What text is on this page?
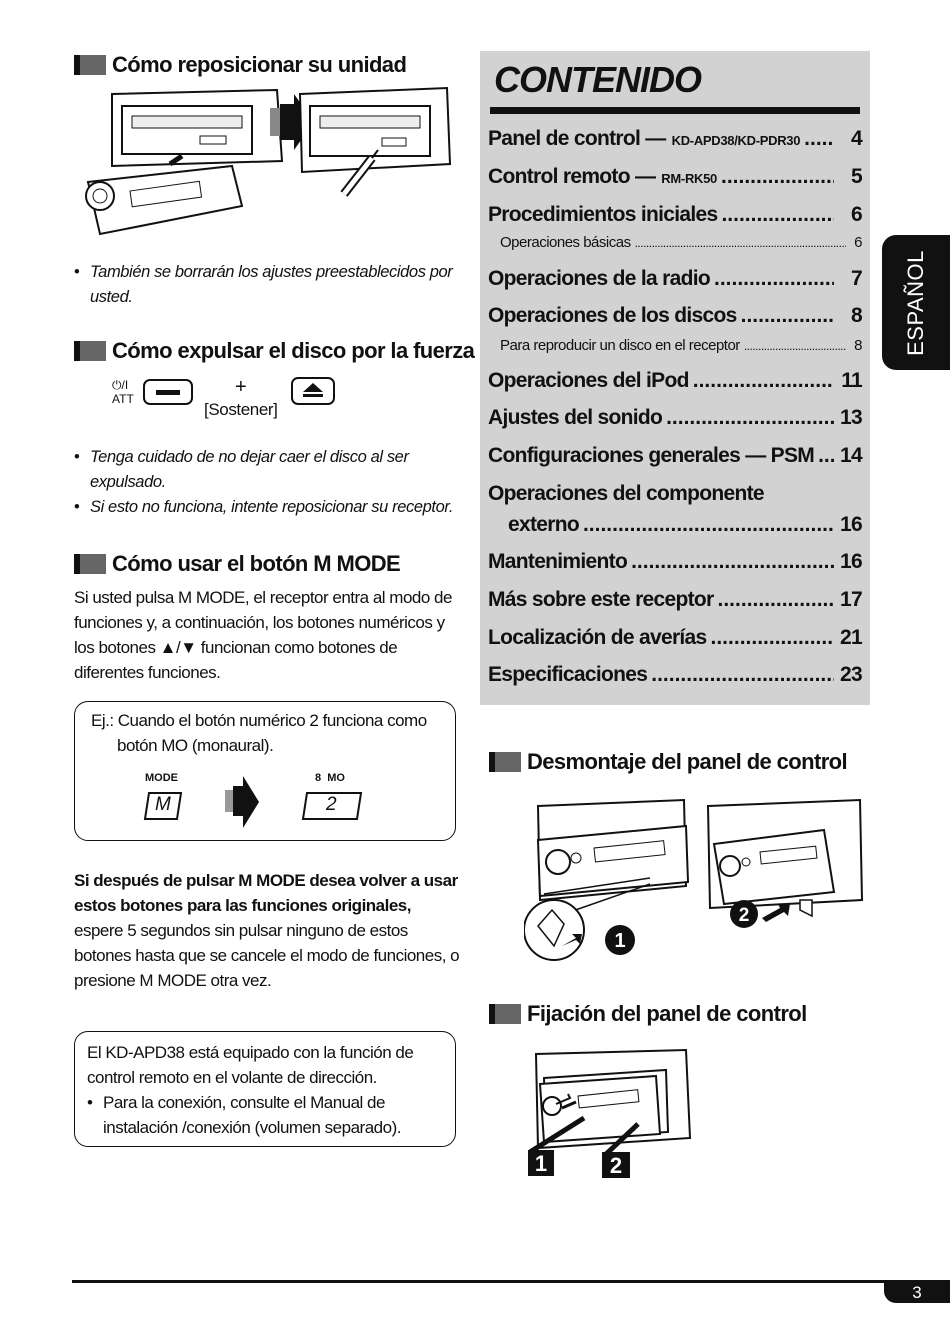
Cómo reposicionar su unidad
• También se borrarán los ajustes preestablecidos por usted.
Cómo expulsar el disco por la fuerza
⏻/I
ATT
+
[Sostener]
• Tenga cuidado de no dejar caer el disco al ser expulsado.
• Si esto no funciona, intente reposicionar su receptor.
Cómo usar el botón M MODE
Si usted pulsa M MODE, el receptor entra al modo de funciones y, a continuación, los botones numéricos y los botones ▲/▼ funcionan como botones de diferentes funciones.
Ej.: Cuando el botón numérico 2 funciona como
botón MO (monaural).
MODE
M
8  MO
2
Si después de pulsar M MODE desea volver a usar estos botones para las funciones originales, espere 5 segundos sin pulsar ninguno de estos botones hasta que se cancele el modo de funciones, o presione M MODE otra vez.
El KD-APD38 está equipado con la función de control remoto en el volante de dirección.
• Para la conexión, consulte el Manual de instalación /conexión (volumen separado).
CONTENIDO
Panel de control — KD-APD38/KD-PDR30 .....	4
Control remoto — RM-RK50 .....	5
Procedimientos iniciales .....	6
Operaciones básicas .....	6
Operaciones de la radio .....	7
Operaciones de los discos .....	8
Para reproducir un disco en el receptor .....	8
Operaciones del iPod .....	11
Ajustes del sonido .....	13
Configuraciones generales — PSM ..... 14
Operaciones del componente
externo .....	16
Mantenimiento .....	16
Más sobre este receptor .....	17
Localización de averías .....	21
Especificaciones .....	23
ESPAÑOL
Desmontaje del panel de control
1
2
Fijación del panel de control
1	2
3
